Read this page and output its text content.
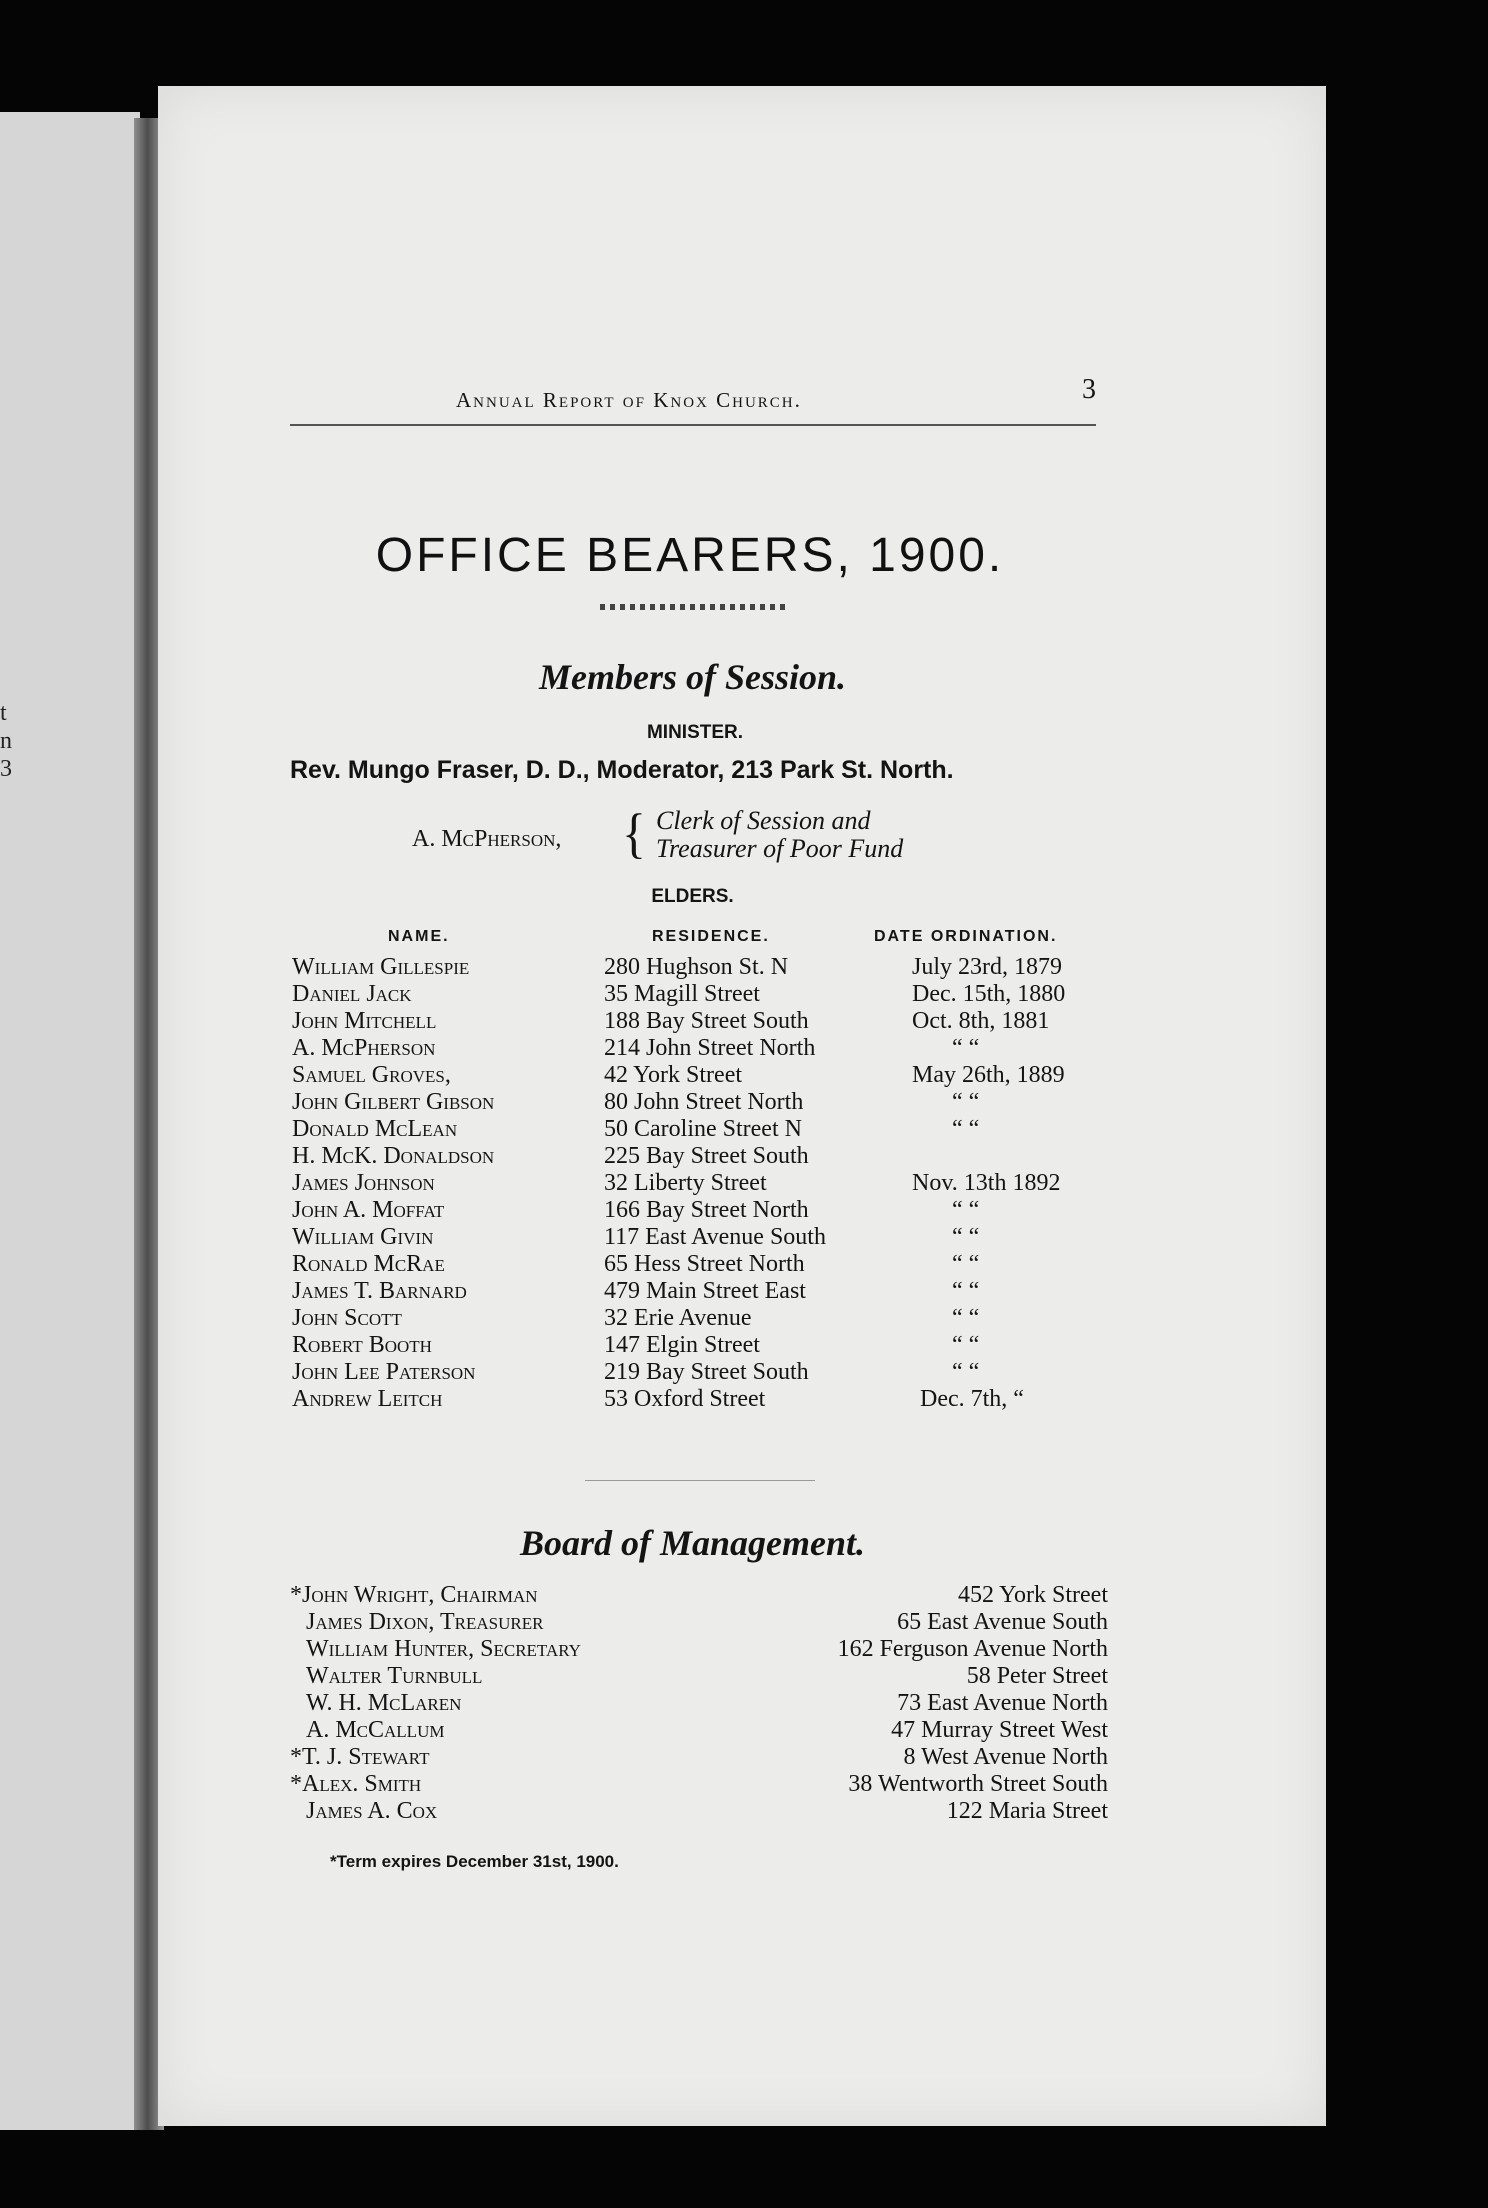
t
n
3
Annual Report of Knox Church.	3
OFFICE BEARERS, 1900.
Members of Session.
MINISTER.
Rev. Mungo Fraser, D. D., Moderator, 213 Park St. North.
A. McPherson, { Clerk of Session and
Treasurer of Poor Fund
ELDERS.
NAME.	RESIDENCE.	DATE ORDINATION.
William Gillespie	280 Hughson St. N	July 23rd, 1879
Daniel Jack	35 Magill Street	Dec. 15th, 1880
John Mitchell	188 Bay Street South	Oct. 8th, 1881
A. McPherson	214 John Street North	“ “
Samuel Groves,	42 York Street	May 26th, 1889
John Gilbert Gibson	80 John Street North	“ “
Donald McLean	50 Caroline Street N	“ “
H. McK. Donaldson	225 Bay Street South
James Johnson	32 Liberty Street	Nov. 13th 1892
John A. Moffat	166 Bay Street North	“ “
William Givin	117 East Avenue South	“ “
Ronald McRae	65 Hess Street North	“ “
James T. Barnard	479 Main Street East	“ “
John Scott	32 Erie Avenue	“ “
Robert Booth	147 Elgin Street	“ “
John Lee Paterson	219 Bay Street South	“ “
Andrew Leitch	53 Oxford Street	Dec. 7th, “
Board of Management.
*John Wright, Chairman	452 York Street
James Dixon, Treasurer	65 East Avenue South
William Hunter, Secretary	162 Ferguson Avenue North
Walter Turnbull	58 Peter Street
W. H. McLaren	73 East Avenue North
A. McCallum	47 Murray Street West
*T. J. Stewart	8 West Avenue North
*Alex. Smith	38 Wentworth Street South
James A. Cox	122 Maria Street
*Term expires December 31st, 1900.
